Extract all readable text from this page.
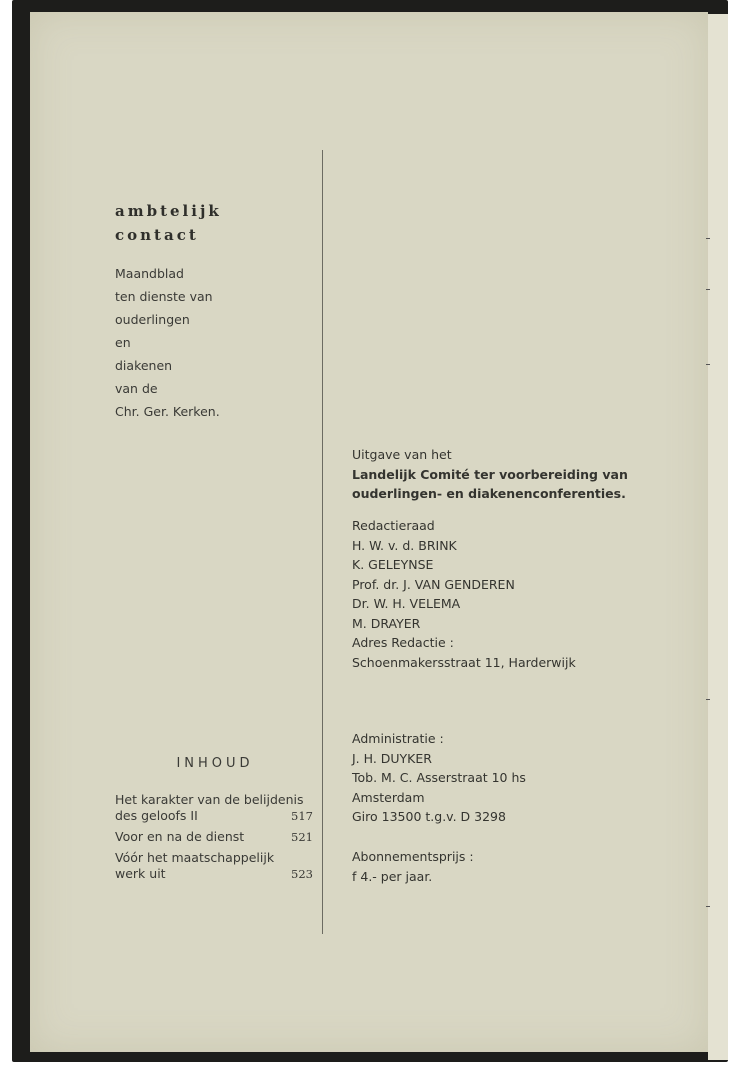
ambtelijk
contact
Maandblad
ten dienste van
ouderlingen
en
diakenen
van de
Chr. Ger. Kerken.
INHOUD
Het karakter van de belijdenis
des geloofs II	517
Voor en na de dienst	521
Vóór het maatschappelijk
werk uit	523
Uitgave van het
Landelijk Comité ter voorbereiding van
ouderlingen- en diakenenconferenties.
Redactieraad
H. W. v. d. BRINK
K. GELEYNSE
Prof. dr. J. VAN GENDEREN
Dr. W. H. VELEMA
M. DRAYER
Adres Redactie :
Schoenmakersstraat 11, Harderwijk
Administratie :
J. H. DUYKER
Tob. M. C. Asserstraat 10 hs
Amsterdam
Giro 13500 t.g.v. D 3298
Abonnementsprijs :
f 4.- per jaar.
